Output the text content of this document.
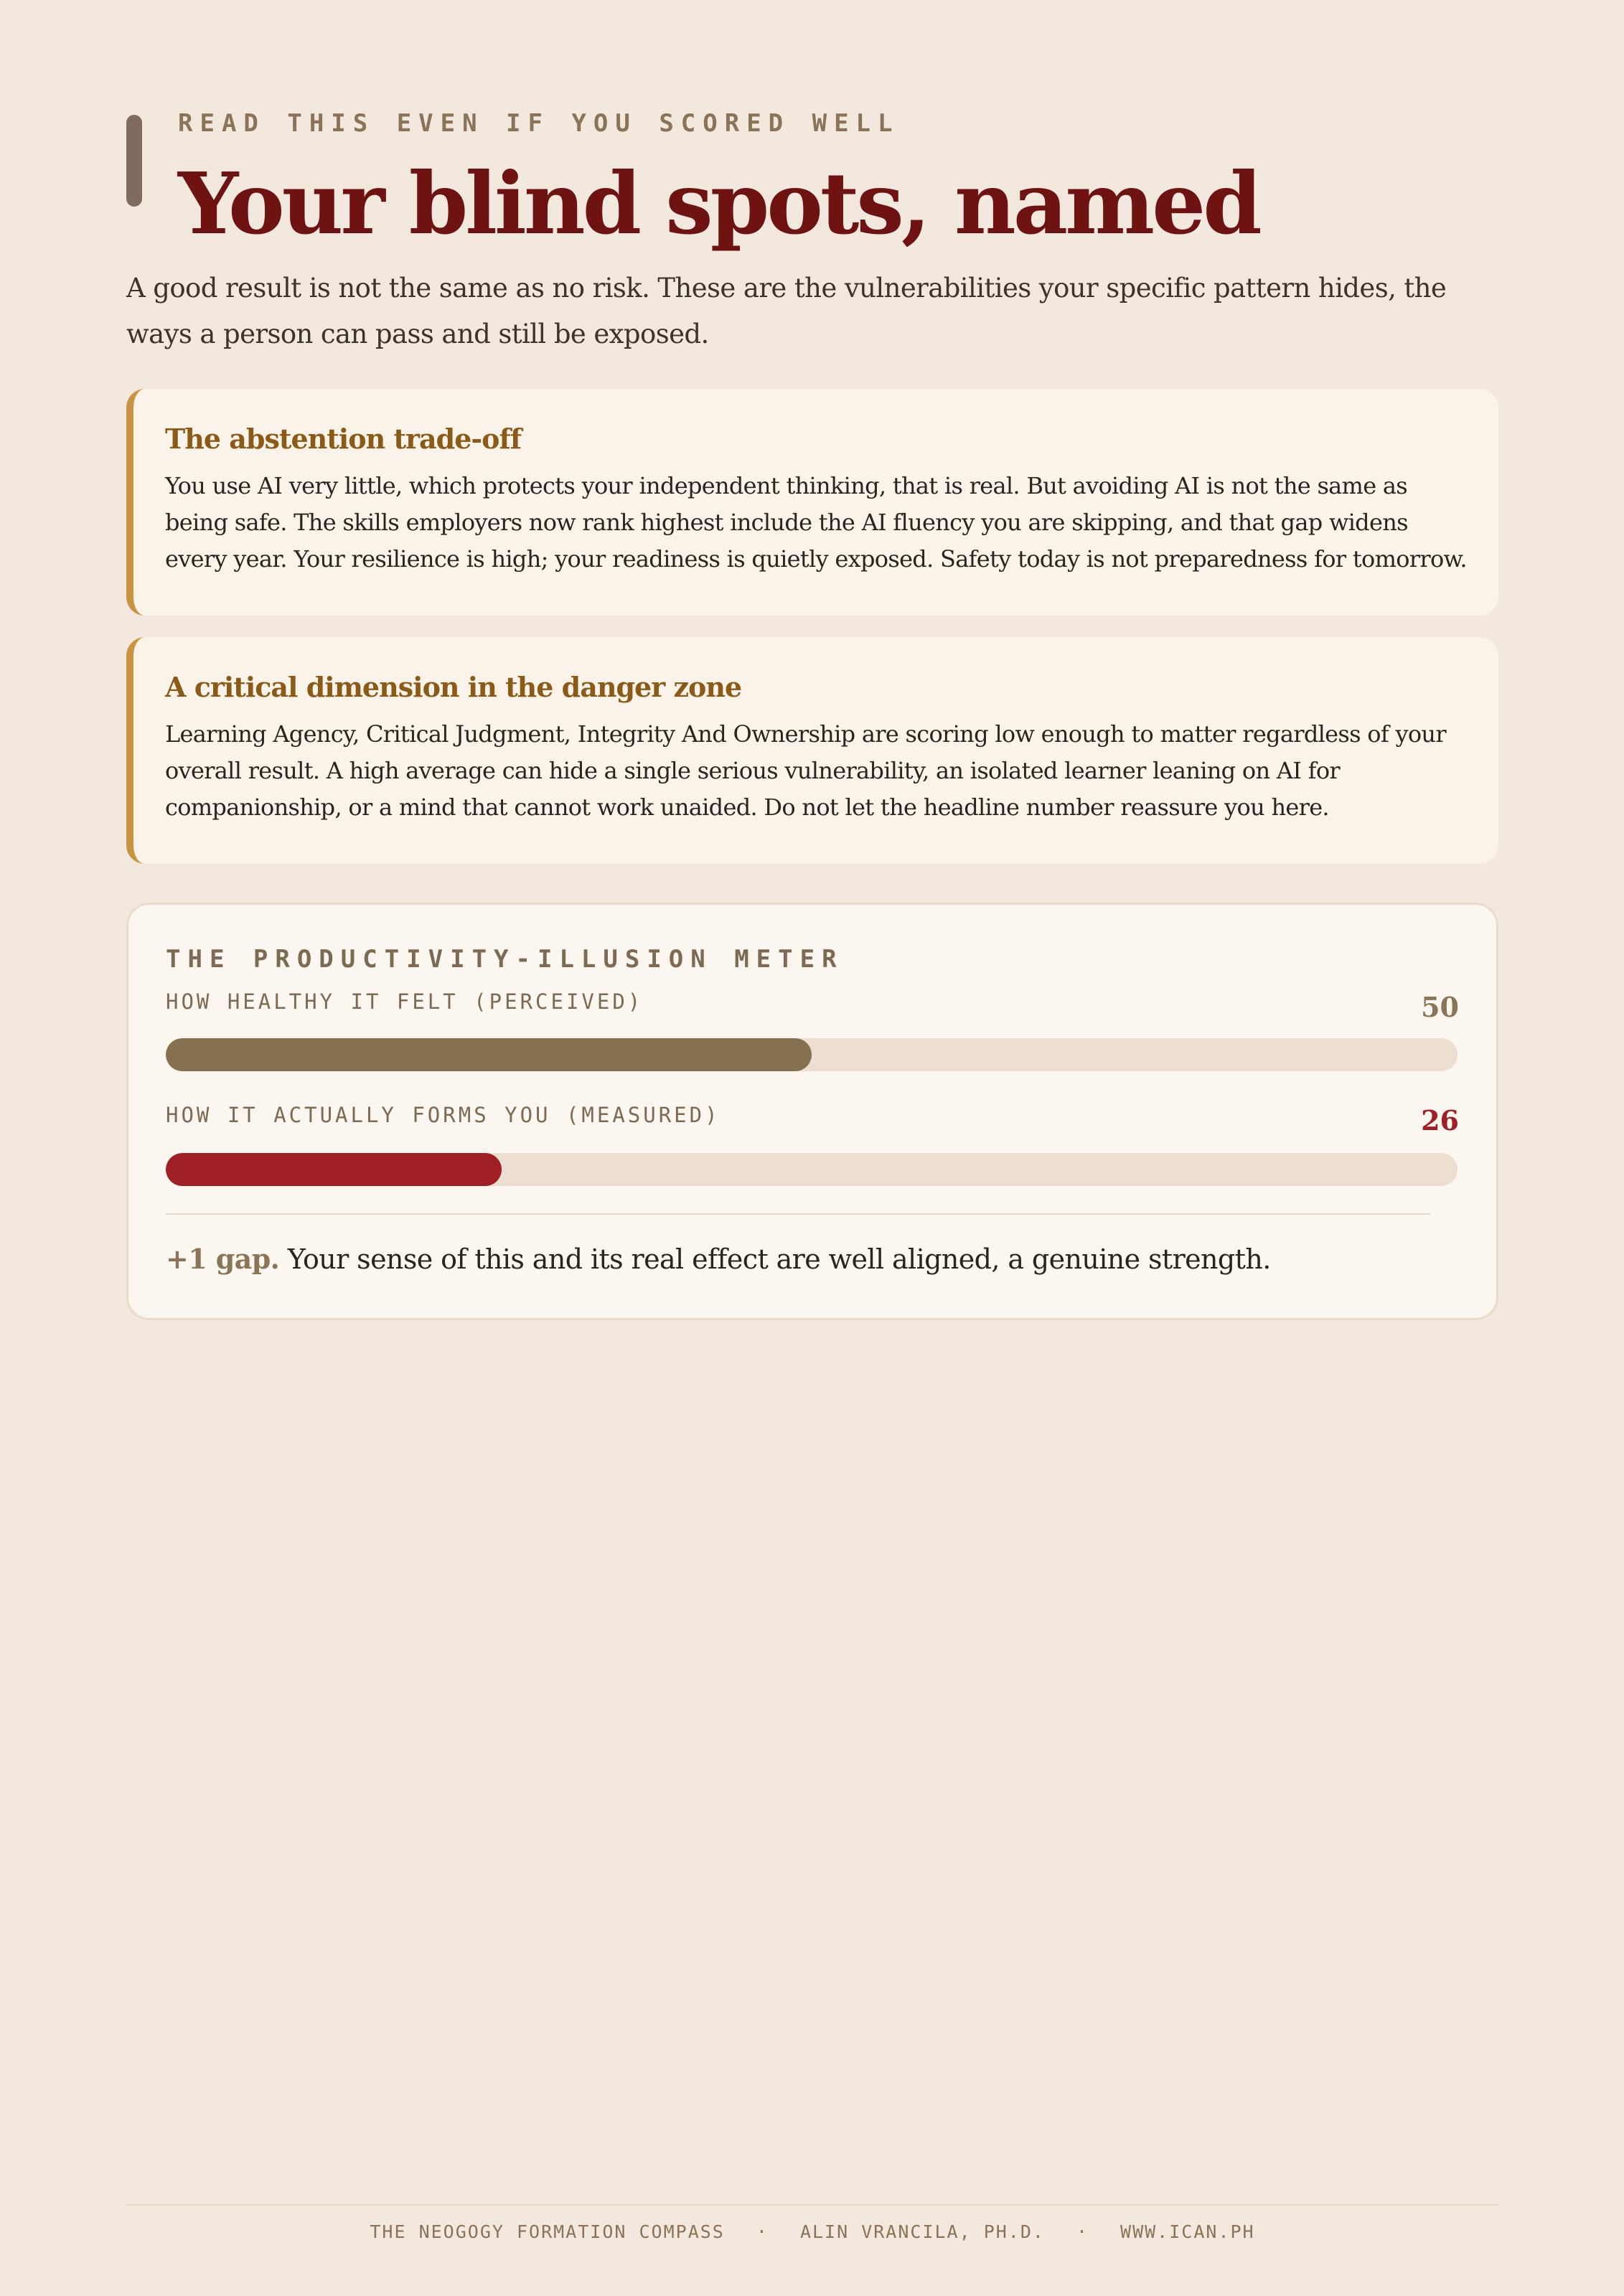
READ THIS EVEN IF YOU SCORED WELL
Your blind spots, named

A good result is not the same as no risk. These are the vulnerabilities your specific pattern hides, the ways a person can pass and still be exposed.

The abstention trade-off

You use AI very little, which protects your independent thinking, that is real. But avoiding AI is not the same as being safe. The skills employers now rank highest include the AI fluency you are skipping, and that gap widens every year. Your resilience is high; your readiness is quietly exposed. Safety today is not preparedness for tomorrow.

A critical dimension in the danger zone

Learning Agency, Critical Judgment, Integrity And Ownership are scoring low enough to matter regardless of your overall result. A high average can hide a single serious vulnerability, an isolated learner leaning on AI for companionship, or a mind that cannot work unaided. Do not let the headline number reassure you here.

THE PRODUCTIVITY-ILLUSION METER
HOW HEALTHY IT FELT (PERCEIVED)	50
HOW IT ACTUALLY FORMS YOU (MEASURED)	26
+1 gap. Your sense of this and its real effect are well aligned, a genuine strength.
THE NEOGOGY FORMATION COMPASS · ALIN VRANCILA, PH.D. · WWW.ICAN.PH
